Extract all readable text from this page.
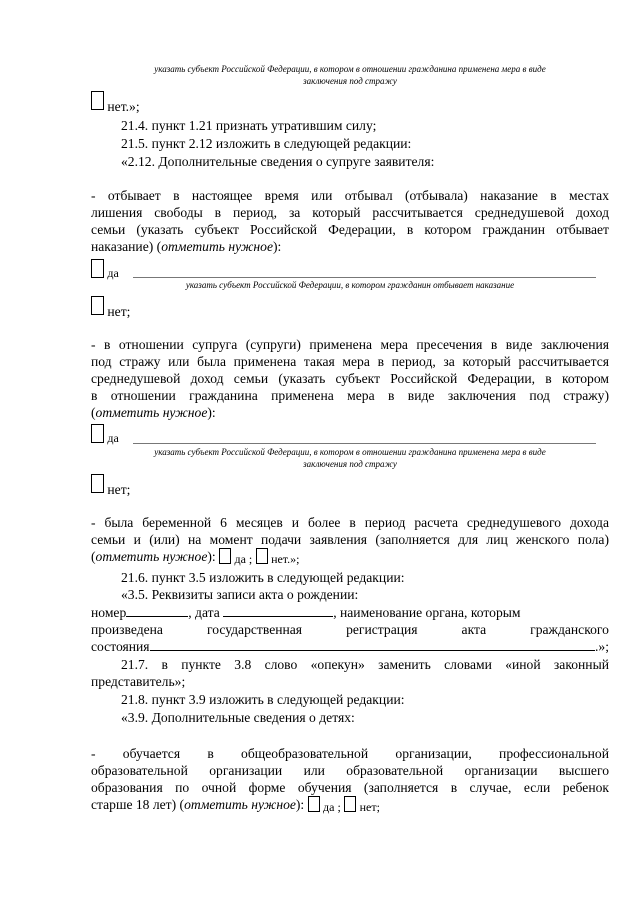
указать субъект Российской Федерации, в котором в отношении гражданина применена мера в виде
заключения под стражу
нет.»;
21.4. пункт 1.21 признать утратившим силу;
21.5. пункт 2.12 изложить в следующей редакции:
«2.12. Дополнительные сведения о супруге заявителя:
- отбывает в настоящее время или отбывал (отбывала) наказание в местах
лишения свободы в период, за который рассчитывается среднедушевой доход
семьи (указать субъект Российской Федерации, в котором гражданин отбывает
наказание) (отметить нужное):
да
указать субъект Российской Федерации, в котором гражданин отбывает наказание
нет;
- в отношении супруга (супруги) применена мера пресечения в виде заключения
под стражу или была применена такая мера в период, за который рассчитывается
среднедушевой доход семьи (указать субъект Российской Федерации, в котором
в отношении гражданина применена мера в виде заключения под стражу)
(отметить нужное):
да
указать субъект Российской Федерации, в котором в отношении гражданина применена мера в виде
заключения под стражу
нет;
- была беременной 6 месяцев и более в период расчета среднедушевого дохода
семьи и (или) на момент подачи заявления (заполняется для лиц женского пола)
(отметить нужное): да ; нет.»;
21.6. пункт 3.5 изложить в следующей редакции:
«3.5. Реквизиты записи акта о рождении:
номер	, дата	, наименование органа, которым
произведена	государственная	регистрация	акта	гражданского
состояния	.»;
21.7. в пункте 3.8 слово «опекун» заменить словами «иной законный
представитель»;
21.8. пункт 3.9 изложить в следующей редакции:
«3.9. Дополнительные сведения о детях:
-   обучается   в   общеобразовательной   организации,   профессиональной
образовательной организации или образовательной организации высшего
образования по очной форме обучения (заполняется в случае, если ребенок
старше 18 лет) (отметить нужное): да ; нет;
